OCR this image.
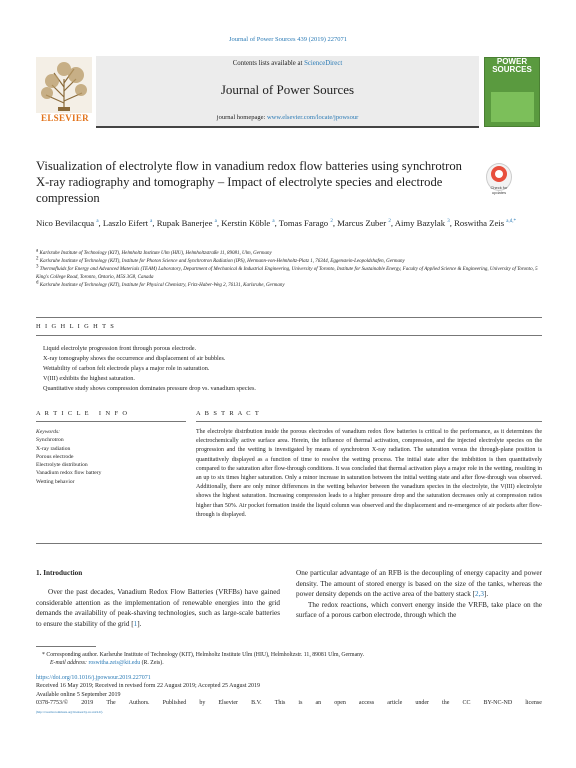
Journal of Power Sources 439 (2019) 227071
Contents lists available at ScienceDirect
Journal of Power Sources
journal homepage: www.elsevier.com/locate/jpowsour
ELSEVIER
POWER
SOURCES
Visualization of electrolyte flow in vanadium redox flow batteries using synchrotron X-ray radiography and tomography – Impact of electrolyte species and electrode compression
Check for
updates
Nico Bevilacqua $^a$, Laszlo Eifert $^a$, Rupak Banerjee $^a$, Kerstin Köble $^a$, Tomas Farago $^2$, Marcus Zuber $^2$, Aimy Bazylak $^3$, Roswitha Zeis $^{a,d,*}$
$^a$ Karlsruhe Institute of Technology (KIT), Helmholtz Institute Ulm (HIU), Helmholtzstraße 11, 89081, Ulm, Germany
$^2$ Karlsruhe Institute of Technology (KIT), Institute for Photon Science and Synchrotron Radiation (IPS), Hermann-von-Helmholtz-Platz 1, 76344, Eggenstein-Leopoldshafen, Germany
$^3$ Thermofluids for Energy and Advanced Materials (TEAM) Laboratory, Department of Mechanical & Industrial Engineering, University of Toronto, Institute for Sustainable Energy, Faculty of Applied Science & Engineering, University of Toronto, 5 King's College Road, Toronto, Ontario, M5S 3G8, Canada
$^d$ Karlsruhe Institute of Technology (KIT), Institute for Physical Chemistry, Fritz-Haber-Weg 2, 76131, Karlsruhe, Germany
H I G H L I G H T S
Liquid electrolyte progression front through porous electrode.
X-ray tomography shows the occurrence and displacement of air bubbles.
Wettability of carbon felt electrode plays a major role in saturation.
V(III) exhibits the highest saturation.
Quantitative study shows compression dominates pressure drop vs. vanadium species.
A R T I C L E   I N F O	A B S T R A C T
Keywords:
Synchrotron
X-ray radiation
Porous electrode
Electrolyte distribution
Vanadium redox flow battery
Wetting behavior
The electrolyte distribution inside the porous electrodes of vanadium redox flow batteries is critical to the performance, as it determines the electrochemically active surface area. Herein, the influence of thermal activation, compression, and the injected electrolyte species on the progression and the wetting is investigated by means of synchrotron X-ray radiation. The saturation versus the through-plane position is quantitatively displayed as a function of time to resolve the wetting process. The initial state after the imbibition is then quantitatively compared to the saturation after flow-through conditions. It was concluded that thermal activation plays a major role in the wetting, resulting in an up to six times higher saturation. Only a minor increase in saturation between the initial wetting state and after flow-through was observed. Additionally, there are only minor differences in the wetting behavior between the vanadium species in the electrolyte, the V(III) electrolyte shows the highest saturation. Increasing compression leads to a higher pressure drop and the saturation decreases only at compression ratios higher than 50%. Air pocket formation inside the liquid column was observed and the displacement and re-emergence of air pockets after flow-through is displayed.
1. Introduction
Over the past decades, Vanadium Redox Flow Batteries (VRFBs) have gained considerable attention as the implementation of renewable energies into the grid demands the availability of peak-shaving technologies, such as large-scale batteries to ensure the stability of the grid [1].

One particular advantage of an RFB is the decoupling of energy capacity and power density. The amount of stored energy is based on the size of the tanks, whereas the power density depends on the active area of the battery stack [2,3].

The redox reactions, which convert energy inside the VRFB, take place on the surface of a porous carbon electrode, through which the

* Corresponding author. Karlsruhe Institute of Technology (KIT), Helmholtz Institute Ulm (HIU), Helmholtzstr. 11, 89081 Ulm, Germany.
E-mail address: roswitha.zeis@kit.edu (R. Zeis).
https://doi.org/10.1016/j.jpowsour.2019.227071
Received 16 May 2019; Received in revised form 22 August 2019; Accepted 25 August 2019
Available online 5 September 2019
0378-7753/© 2019 The Authors. Published by Elsevier B.V. This is an open access article under the CC BY-NC-ND license
(http://creativecommons.org/licenses/by-nc-nd/4.0/).
